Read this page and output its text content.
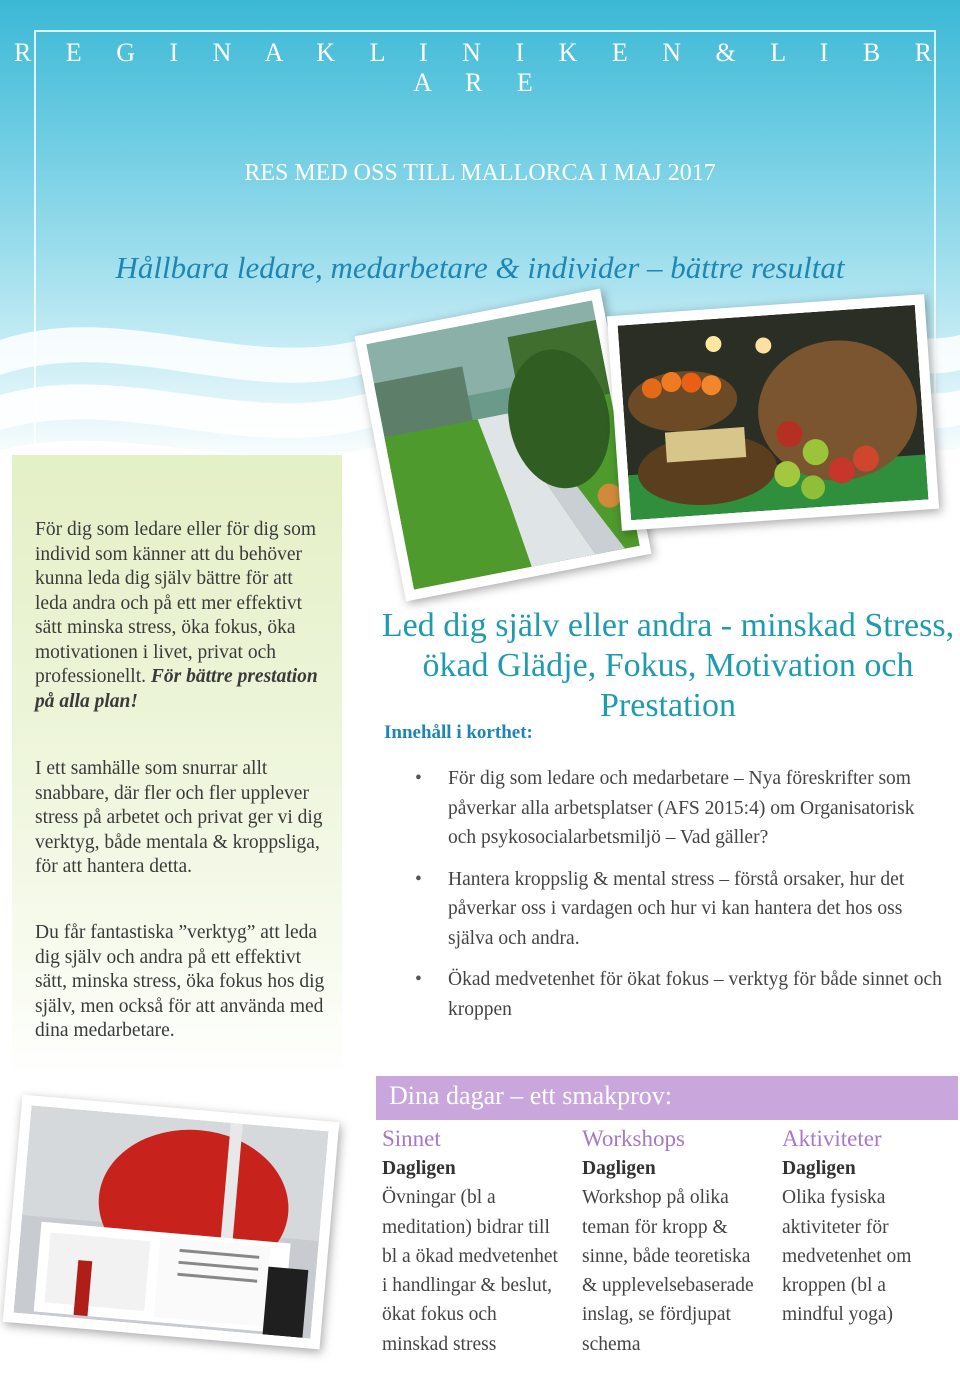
R E G I N A K L I N I K E N & L I B R A R E
RES MED OSS TILL MALLORCA I MAJ 2017
Hållbara ledare, medarbetare & individer – bättre resultat
För dig som ledare eller för dig som individ som känner att du behöver kunna leda dig själv bättre för att leda andra och på ett mer effektivt sätt minska stress, öka fokus, öka motivationen i livet, privat och professionellt. För bättre prestation på alla plan!
I ett samhälle som snurrar allt snabbare, där fler och fler upplever stress på arbetet och privat ger vi dig verktyg, både mentala & kroppsliga, för att hantera detta.
Du får fantastiska ”verktyg” att leda dig själv och andra på ett effektivt sätt, minska stress, öka fokus hos dig själv, men också för att använda med dina medarbetare.
Led dig själv eller andra - minskad Stress, ökad Glädje, Fokus, Motivation och Prestation
Innehåll i korthet:
• För dig som ledare och medarbetare – Nya föreskrifter som påverkar alla arbetsplatser (AFS 2015:4) om Organisatorisk och psykosocialarbetsmiljö – Vad gäller?
• Hantera kroppslig & mental stress – förstå orsaker, hur det påverkar oss i vardagen och hur vi kan hantera det hos oss själva och andra.
• Ökad medvetenhet för ökat fokus – verktyg för både sinnet och kroppen
Dina dagar – ett smakprov:
Sinnet
Dagligen
Övningar (bl a meditation) bidrar till bl a ökad medvetenhet i handlingar & beslut, ökat fokus och minskad stress
Workshops
Dagligen
Workshop på olika teman för kropp & sinne, både teoretiska & upplevelsebaserade inslag, se fördjupat schema
Aktiviteter
Dagligen
Olika fysiska aktiviteter för medvetenhet om kroppen (bl a mindful yoga)
